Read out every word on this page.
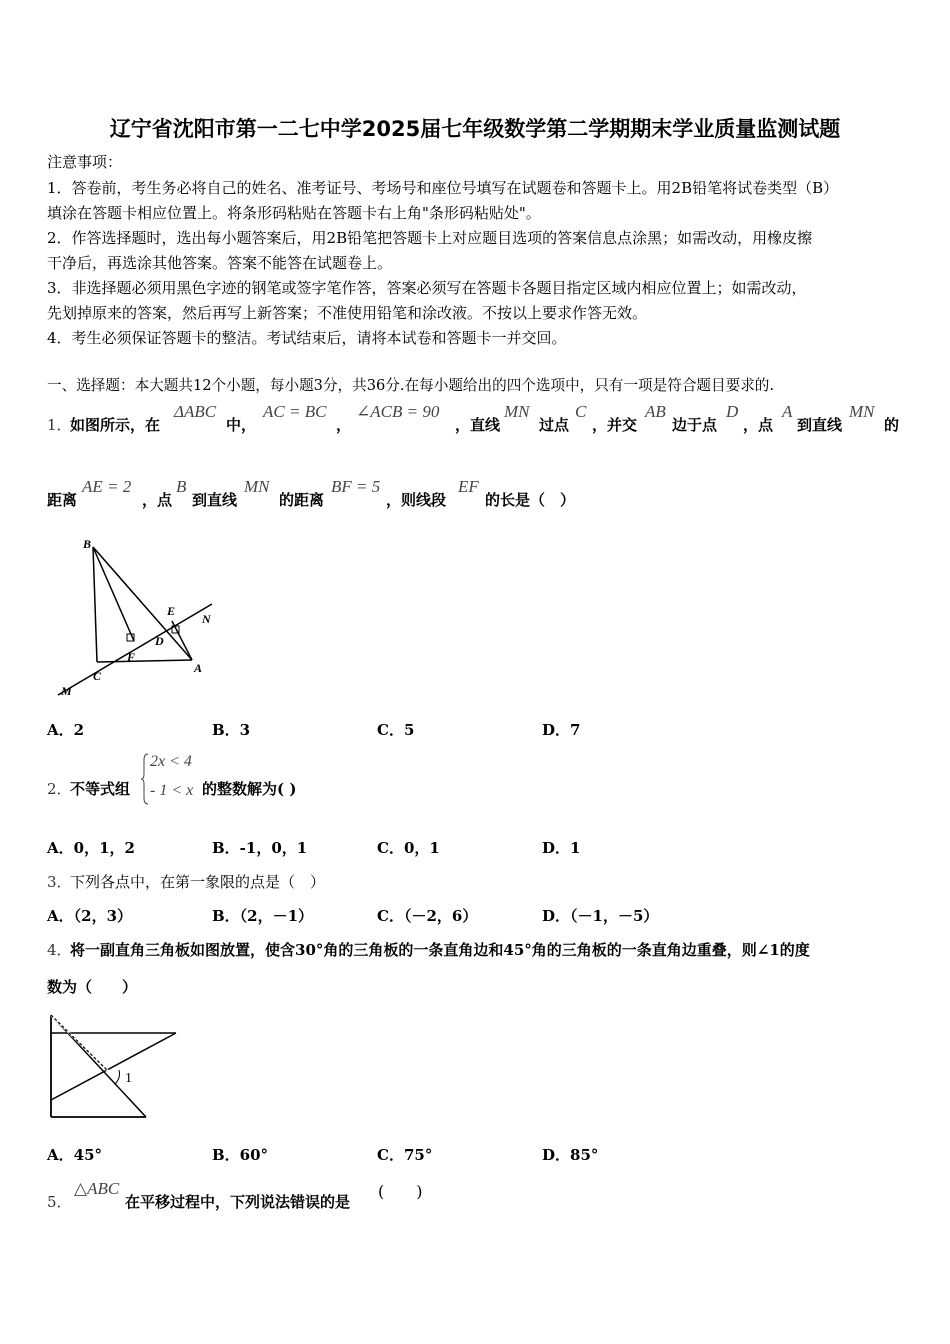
辽宁省沈阳市第一二七中学2025届七年级数学第二学期期末学业质量监测试题
注意事项：
1．答卷前，考生务必将自己的姓名、准考证号、考场号和座位号填写在试题卷和答题卡上。用2B铅笔将试卷类型（B）
填涂在答题卡相应位置上。将条形码粘贴在答题卡右上角"条形码粘贴处"。
2．作答选择题时，选出每小题答案后，用2B铅笔把答题卡上对应题目选项的答案信息点涂黑；如需改动，用橡皮擦
干净后，再选涂其他答案。答案不能答在试题卷上。
3．非选择题必须用黑色字迹的钢笔或签字笔作答，答案必须写在答题卡各题目指定区域内相应位置上；如需改动，
先划掉原来的答案，然后再写上新答案；不准使用铅笔和涂改液。不按以上要求作答无效。
4．考生必须保证答题卡的整洁。考试结束后，请将本试卷和答题卡一并交回。
一、选择题：本大题共12个小题，每小题3分，共36分.在每小题给出的四个选项中，只有一项是符合题目要求的.
1．
如图所示，在
ΔABC
中，
AC = BC
，
∠ACB = 90
，直线
MN
过点
C
，并交
AB
边于点
D
，点
A
到直线
MN
的
距离
AE = 2
，点
B
到直线
MN
的距离
BF = 5
，则线段
EF
的长是（　）
B
E
N
F
D
C
A
M
A．2	B．3	C．5	D．7
2．
不等式组
2x < 4
- 1 < x 的整数解为( )
A．0，1，2	B．-1，0，1	C．0，1	D．1
3．
下列各点中，在第一象限的点是（　）
A．（2，3）	B．（2，－1）	C．（－2，6）	D．（－1，－5）
4．
将一副直角三角板如图放置，使含30°角的三角板的一条直角边和45°角的三角板的一条直角边重叠，则∠1的度
数为（　　）
1
A．45°	B．60°	C．75°	D．85°
5．
△ABC
在平移过程中，下列说法错误的是
(　　)
